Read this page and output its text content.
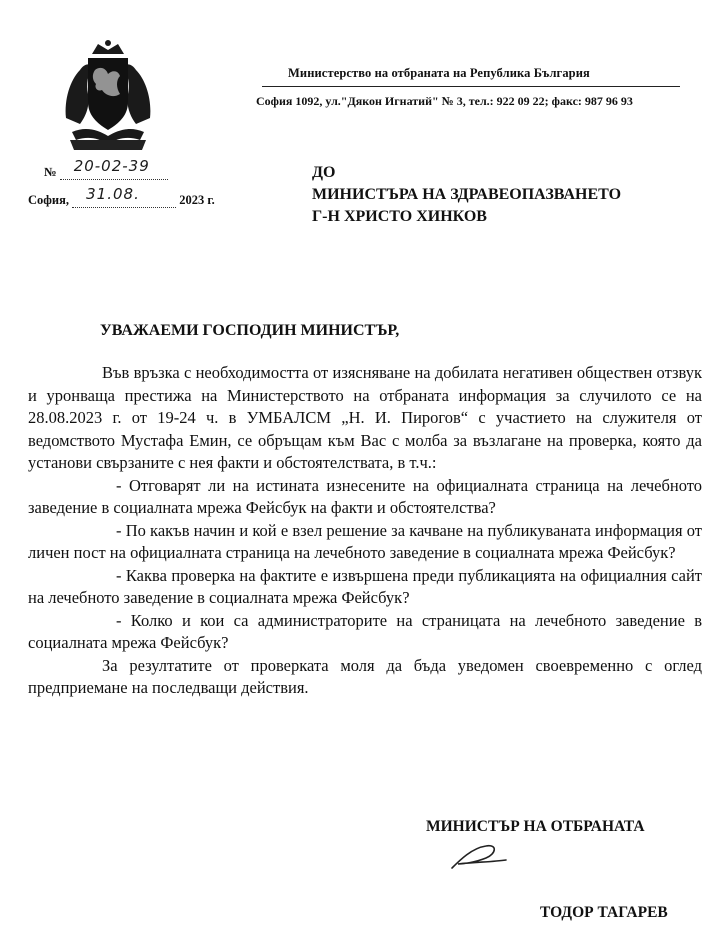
Министерство на отбраната на Република България
София 1092, ул."Дякон Игнатий" № 3, тел.: 922 09 22; факс: 987 96 93
№ 20-02-39
София, 31.08.	2023 г.
ДО
МИНИСТЪРА НА ЗДРАВЕОПАЗВАНЕТО
Г-Н ХРИСТО ХИНКОВ
УВАЖАЕМИ ГОСПОДИН МИНИСТЪР,

Във връзка с необходимостта от изясняване на добилата негативен обществен отзвук и уронваща престижа на Министерството на отбраната информация за случилото се на 28.08.2023 г. от 19-24 ч. в УМБАЛСМ „Н. И. Пирогов“ с участието на служителя от ведомството Мустафа Емин, се обръщам към Вас с молба за възлагане на проверка, която да установи свързаните с нея факти и обстоятелствата, в т.ч.:

- Отговарят ли на истината изнесените на официалната страница на лечебното заведение в социалната мрежа Фейсбук на факти и обстоятелства?

- По какъв начин и кой е взел решение за качване на публикуваната информация от личен пост на официалната страница на лечебното заведение в социалната мрежа Фейсбук?

- Каква проверка на фактите е извършена преди публикацията на официалния сайт на лечебното заведение в социалната мрежа Фейсбук?

- Колко и кои са администраторите на страницата на лечебното заведение в социалната мрежа Фейсбук?

За резултатите от проверката моля да бъда уведомен своевременно с оглед предприемане на последващи действия.

МИНИСТЪР НА ОТБРАНАТА
ТОДОР ТАГАРЕВ
